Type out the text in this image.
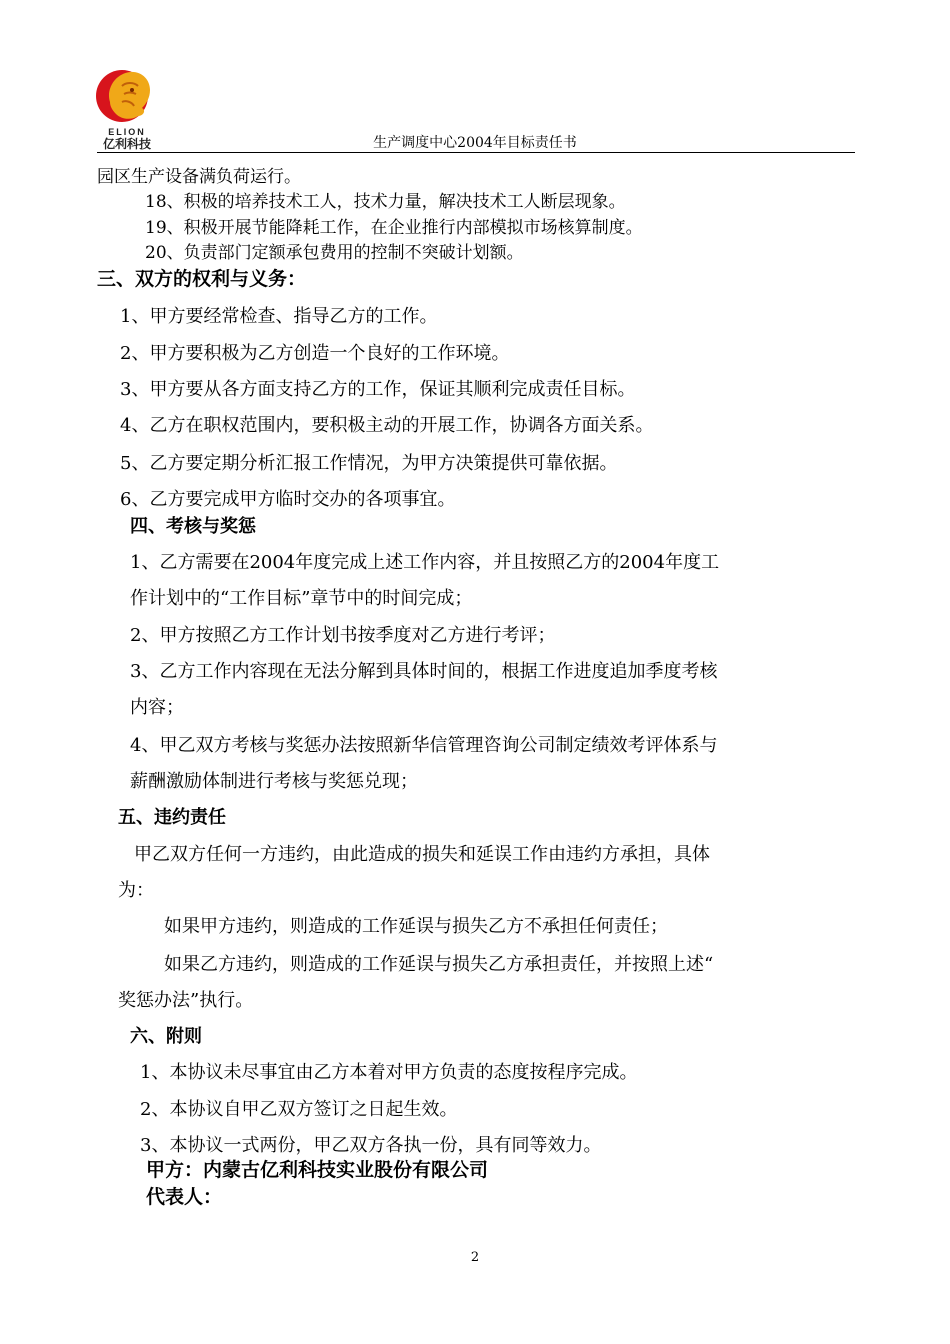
ELION
亿利科技	生产调度中心2004年目标责任书
园区生产设备满负荷运行。
18、积极的培养技术工人，技术力量，解决技术工人断层现象。
19、积极开展节能降耗工作，在企业推行内部模拟市场核算制度。
20、负责部门定额承包费用的控制不突破计划额。
三、双方的权利与义务：
1、甲方要经常检查、指导乙方的工作。
2、甲方要积极为乙方创造一个良好的工作环境。
3、甲方要从各方面支持乙方的工作，保证其顺利完成责任目标。
4、乙方在职权范围内，要积极主动的开展工作，协调各方面关系。
5、乙方要定期分析汇报工作情况，为甲方决策提供可靠依据。
6、乙方要完成甲方临时交办的各项事宜。
四、考核与奖惩
1、乙方需要在2004年度完成上述工作内容，并且按照乙方的2004年度工
作计划中的“工作目标”章节中的时间完成；
2、甲方按照乙方工作计划书按季度对乙方进行考评；
3、乙方工作内容现在无法分解到具体时间的，根据工作进度追加季度考核
内容；
4、甲乙双方考核与奖惩办法按照新华信管理咨询公司制定绩效考评体系与
薪酬激励体制进行考核与奖惩兑现；
五、违约责任
甲乙双方任何一方违约，由此造成的损失和延误工作由违约方承担，具体
为：
如果甲方违约，则造成的工作延误与损失乙方不承担任何责任；
如果乙方违约，则造成的工作延误与损失乙方承担责任，并按照上述“
奖惩办法”执行。
六、附则
1、本协议未尽事宜由乙方本着对甲方负责的态度按程序完成。
2、本协议自甲乙双方签订之日起生效。
3、本协议一式两份，甲乙双方各执一份，具有同等效力。
甲方：内蒙古亿利科技实业股份有限公司
代表人：
2
